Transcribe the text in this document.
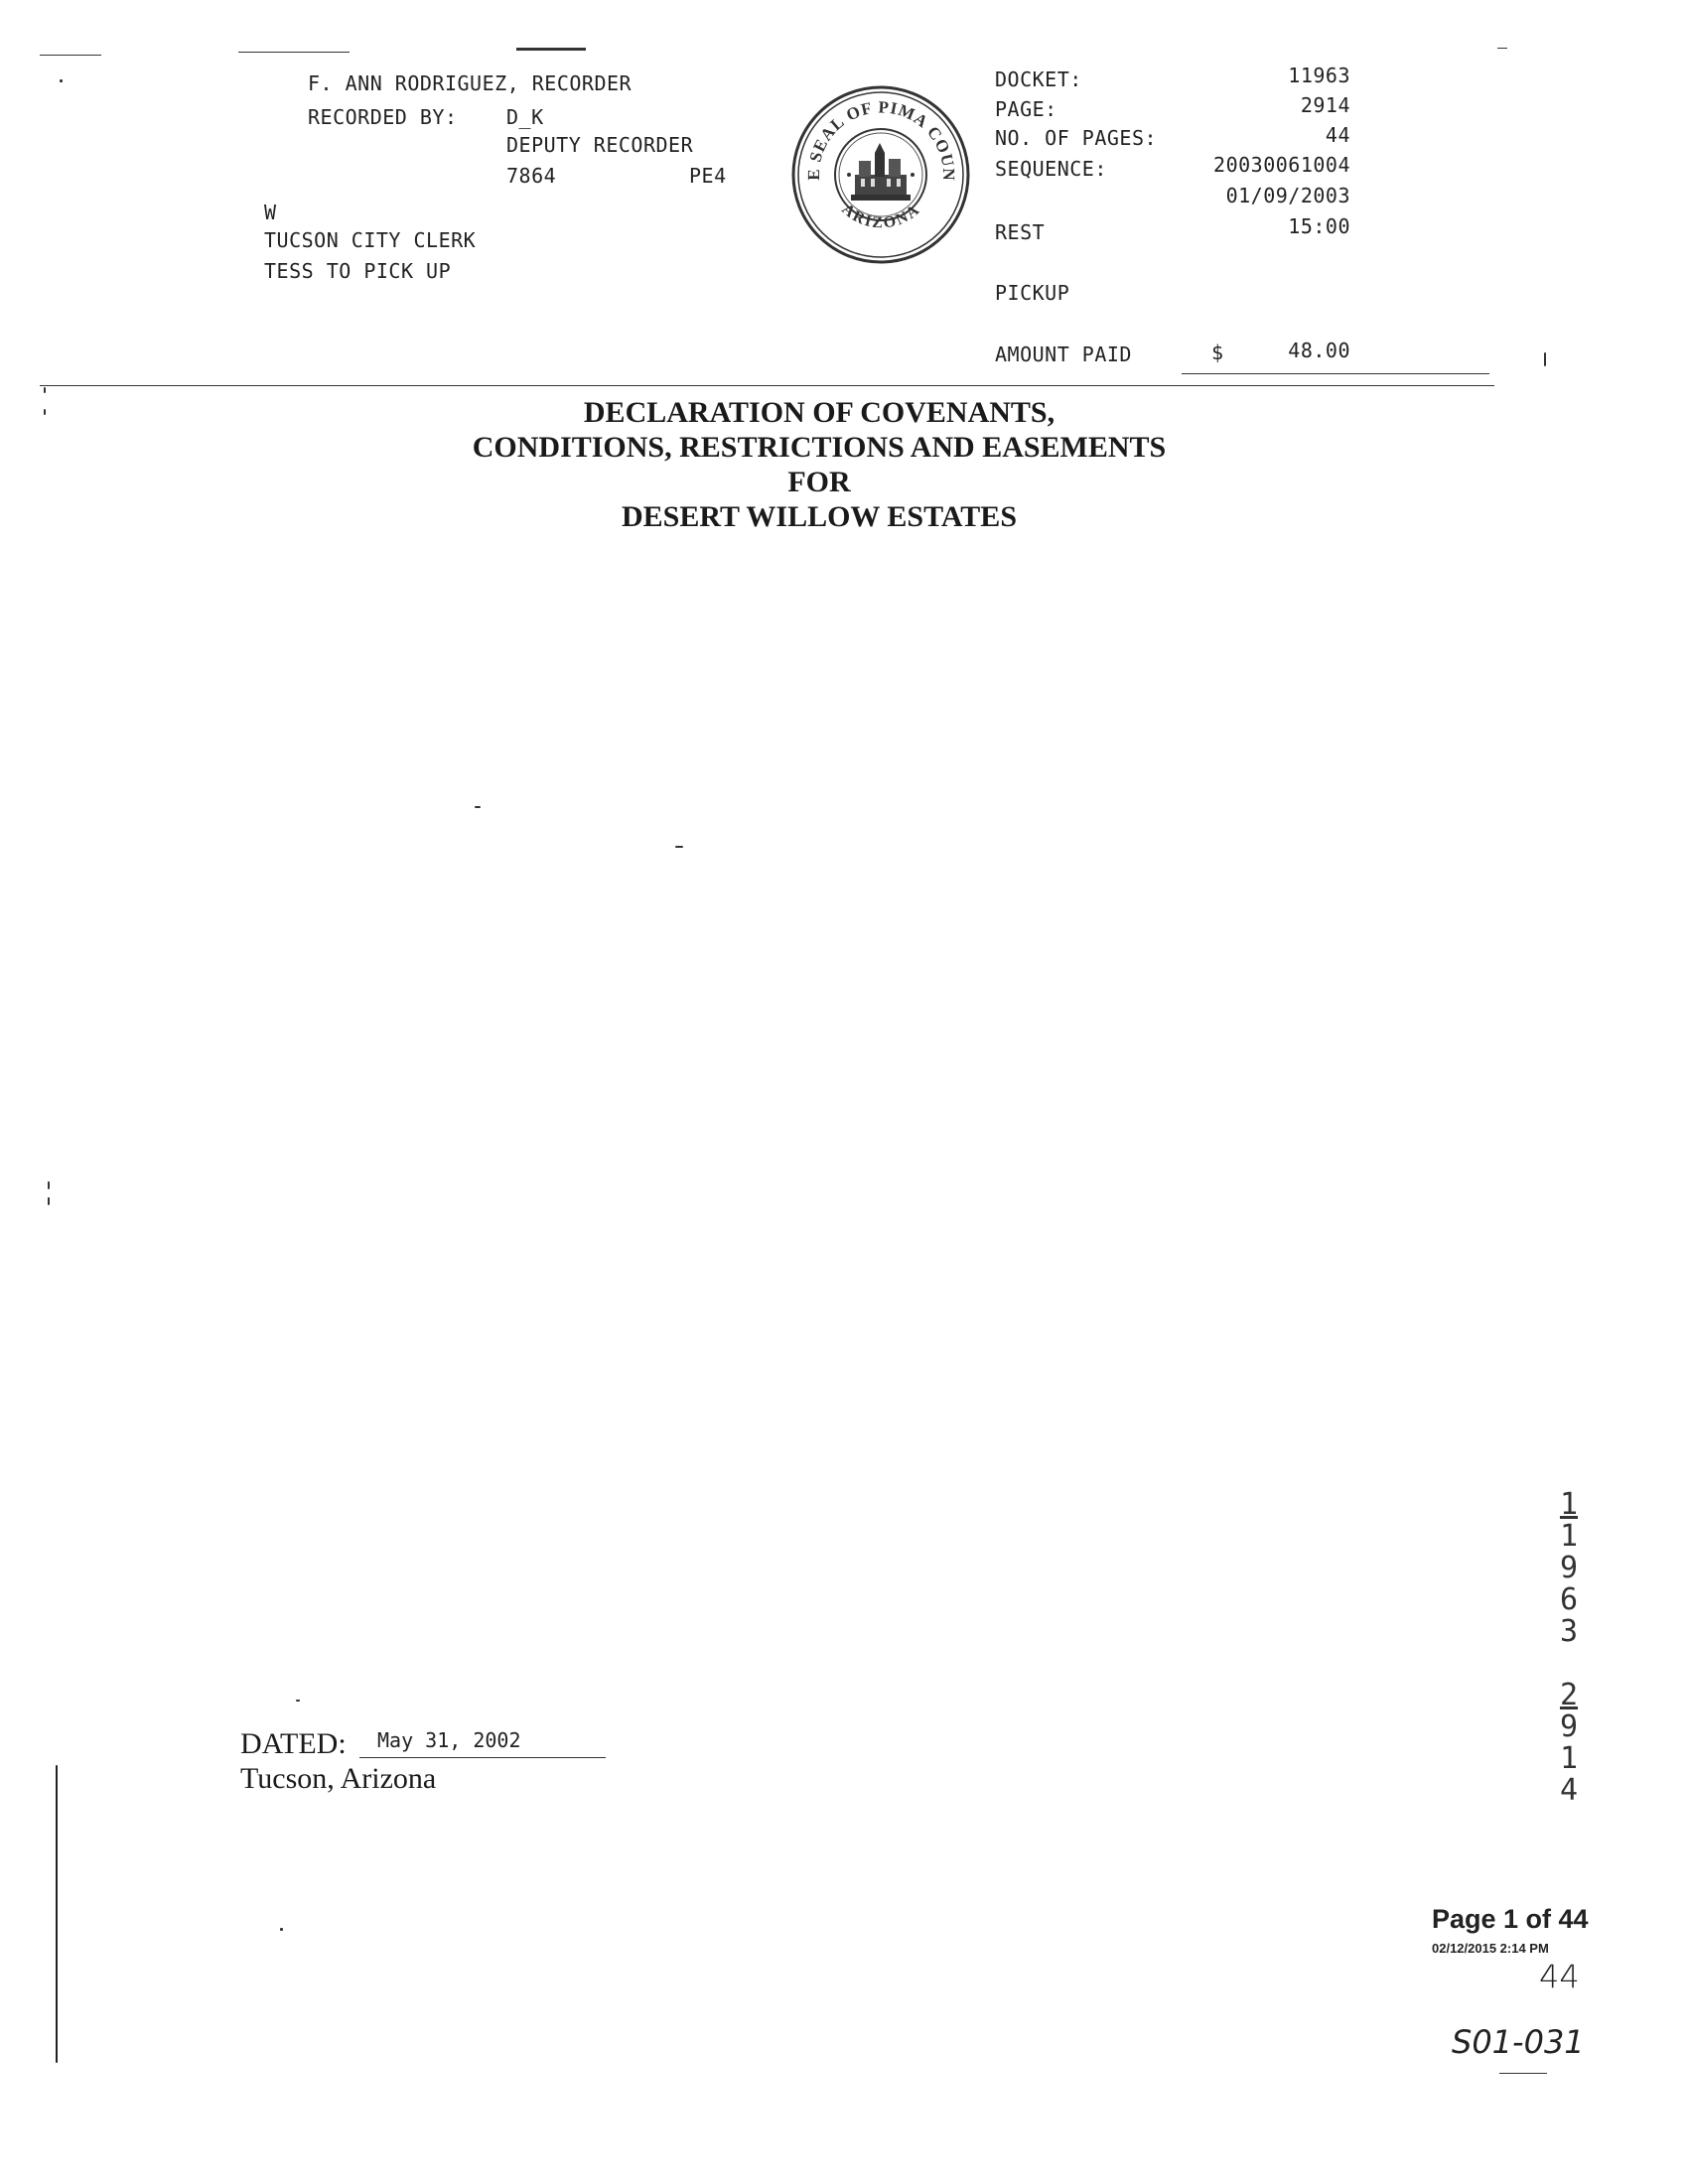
F. ANN RODRIGUEZ, RECORDER
RECORDED BY: D_K
DEPUTY RECORDER
7864	PE4
W
TUCSON CITY CLERK
TESS TO PICK UP
E SEAL OF PIMA COUN
ARIZONA
DOCKET:	11963
PAGE:	2914
NO. OF PAGES:	44
SEQUENCE:	20030061004
01/09/2003
REST	15:00
PICKUP
AMOUNT PAID	$	48.00
DECLARATION OF COVENANTS,
CONDITIONS, RESTRICTIONS AND EASEMENTS
FOR
DESERT WILLOW ESTATES
DATED: May 31, 2002
Tucson, Arizona
1
1
9
6
3
2
9
1
4
Page 1 of 44
02/12/2015 2:14 PM
44
S01-031
